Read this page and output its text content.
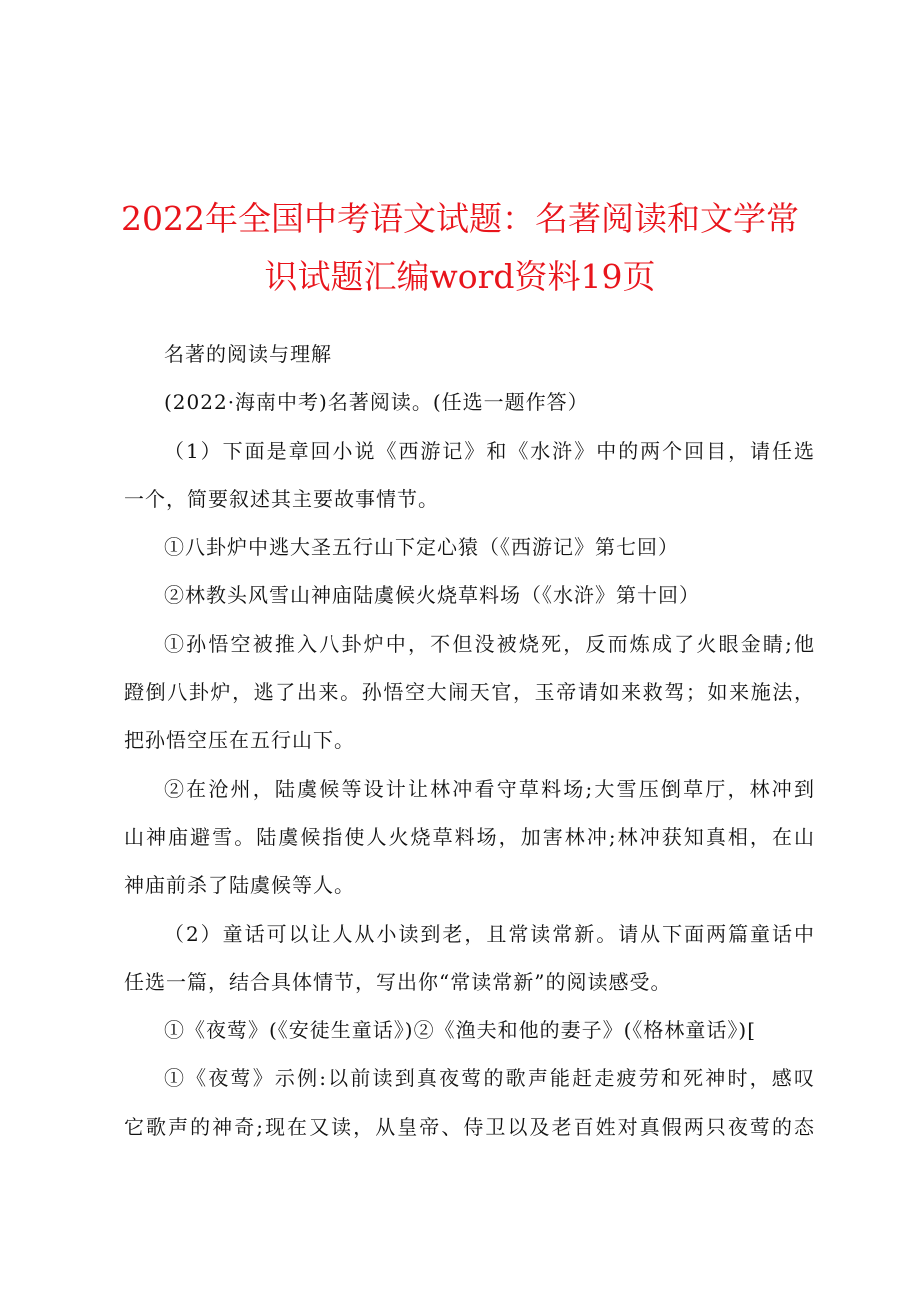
2022年全国中考语文试题：名著阅读和文学常
识试题汇编word资料19页
名著的阅读与理解
(2022·海南中考)名著阅读。(任选一题作答）
（1）下面是章回小说《西游记》和《水浒》中的两个回目，请任选
一个，简要叙述其主要故事情节。
①八卦炉中逃大圣五行山下定心猿（《西游记》第七回）
②林教头风雪山神庙陆虞候火烧草料场（《水浒》第十回）
①孙悟空被推入八卦炉中，不但没被烧死，反而炼成了火眼金睛;他
蹬倒八卦炉，逃了出来。孙悟空大闹天官，玉帝请如来救驾；如来施法，
把孙悟空压在五行山下。
②在沧州，陆虞候等设计让林冲看守草料场;大雪压倒草厅，林冲到
山神庙避雪。陆虞候指使人火烧草料场，加害林冲;林冲获知真相，在山
神庙前杀了陆虞候等人。
（2）童话可以让人从小读到老，且常读常新。请从下面两篇童话中
任选一篇，结合具体情节，写出你“常读常新”的阅读感受。
①《夜莺》(《安徒生童话》)②《渔夫和他的妻子》(《格林童话》)[
①《夜莺》示例:以前读到真夜莺的歌声能赶走疲劳和死神时，感叹
它歌声的神奇;现在又读，从皇帝、侍卫以及老百姓对真假两只夜莺的态
